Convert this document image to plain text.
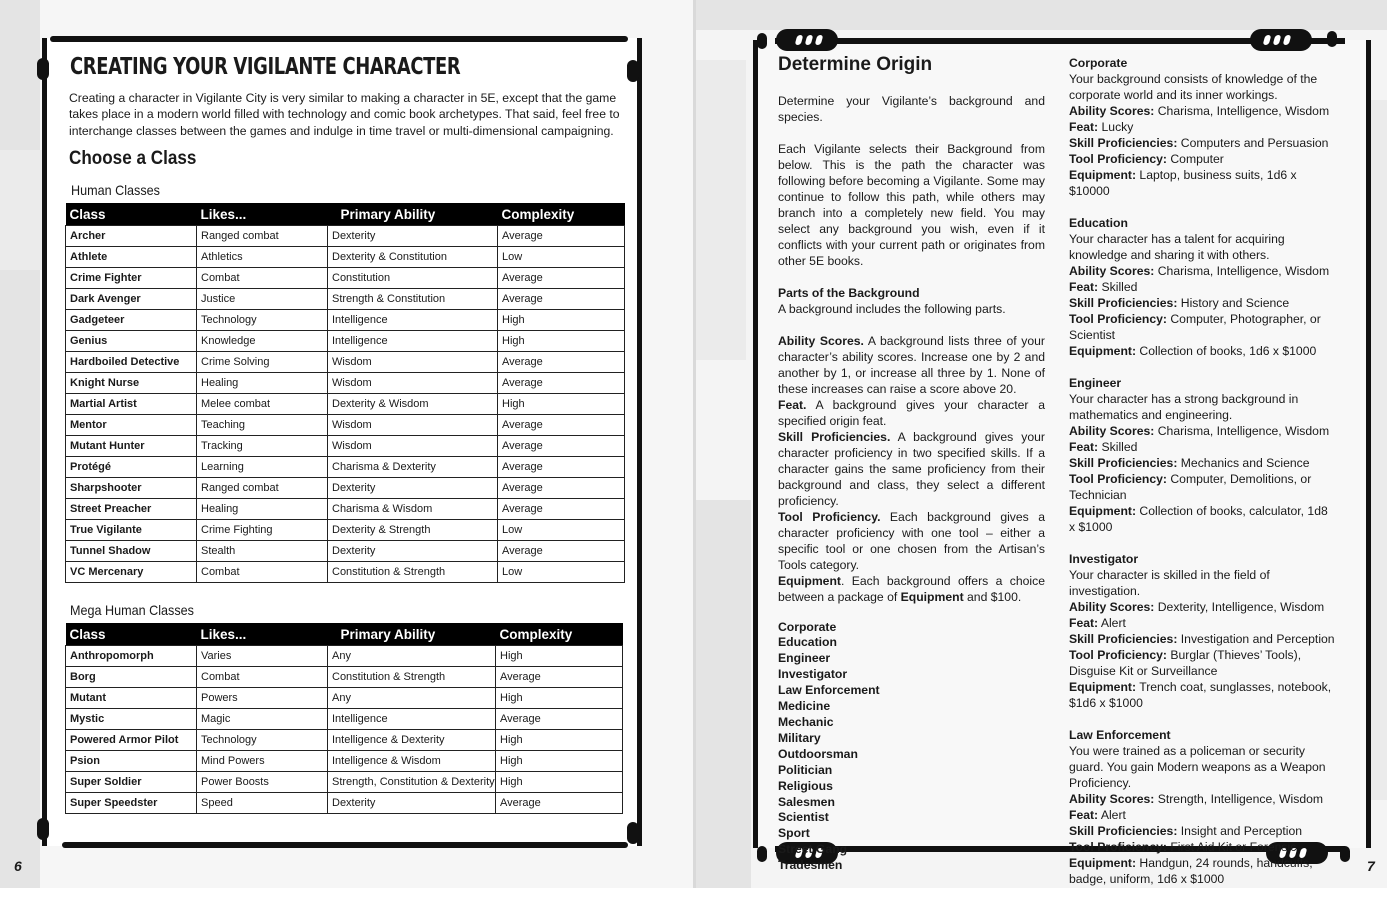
CREATING YOUR VIGILANTE CHARACTER
Creating a character in Vigilante City is very similar to making a character in 5E, except that the game takes place in a modern world filled with technology and comic book archetypes. That said, feel free to interchange classes between the games and indulge in time travel or multi-dimensional campaigning.
Choose a Class
Human Classes
Class	Likes...	Primary Ability	Complexity
Archer	Ranged combat	Dexterity	Average
Athlete	Athletics	Dexterity & Constitution	Low
Crime Fighter	Combat	Constitution	Average
Dark Avenger	Justice	Strength & Constitution	Average
Gadgeteer	Technology	Intelligence	High
Genius	Knowledge	Intelligence	High
Hardboiled Detective	Crime Solving	Wisdom	Average
Knight Nurse	Healing	Wisdom	Average
Martial Artist	Melee combat	Dexterity & Wisdom	High
Mentor	Teaching	Wisdom	Average
Mutant Hunter	Tracking	Wisdom	Average
Protégé	Learning	Charisma & Dexterity	Average
Sharpshooter	Ranged combat	Dexterity	Average
Street Preacher	Healing	Charisma & Wisdom	Average
True Vigilante	Crime Fighting	Dexterity & Strength	Low
Tunnel Shadow	Stealth	Dexterity	Average
VC Mercenary	Combat	Constitution & Strength	Low
Mega Human Classes
Class	Likes...	Primary Ability	Complexity
Anthropomorph	Varies	Any	High
Borg	Combat	Constitution & Strength	Average
Mutant	Powers	Any	High
Mystic	Magic	Intelligence	Average
Powered Armor Pilot	Technology	Intelligence & Dexterity	High
Psion	Mind Powers	Intelligence & Wisdom	High
Super Soldier	Power Boosts	Strength, Constitution & Dexterity	High
Super Speedster	Speed	Dexterity	Average
6
Determine Origin

Determine your Vigilante’s background and species.

Each Vigilante selects their Background from below. This is the path the character was following before becoming a Vigilante. Some may continue to follow this path, while others may branch into a completely new field. You may select any background you wish, even if it conflicts with your current path or originates from other 5E books.

Parts of the Background

A background includes the following parts.

Ability Scores. A background lists three of your character’s ability scores. Increase one by 2 and another by 1, or increase all three by 1. None of these increases can raise a score above 20.
Feat. A background gives your character a specified origin feat.
Skill Proficiencies. A background gives your character proficiency in two specified skills. If a character gains the same proficiency from their background and class, they select a different proficiency.
Tool Proficiency. Each background gives a character proficiency with one tool – either a specific tool or one chosen from the Artisan’s Tools category.

Equipment. Each background offers a choice between a package of Equipment and $100.

Corporate
Education
Engineer
Investigator
Law Enforcement
Medicine
Mechanic
Military
Outdoorsman
Politician
Religious
Salesmen
Scientist
Sport
Street Gang
Tradesmen
Corporate
Your background consists of knowledge of the corporate world and its inner workings.
Ability Scores: Charisma, Intelligence, Wisdom
Feat: Lucky
Skill Proficiencies: Computers and Persuasion
Tool Proficiency: Computer
Equipment: Laptop, business suits, 1d6 x $10000
Education
Your character has a talent for acquiring knowledge and sharing it with others.
Ability Scores: Charisma, Intelligence, Wisdom
Feat: Skilled
Skill Proficiencies: History and Science
Tool Proficiency: Computer, Photographer, or Scientist
Equipment: Collection of books, 1d6 x $1000
Engineer
Your character has a strong background in mathematics and engineering.
Ability Scores: Charisma, Intelligence, Wisdom
Feat: Skilled
Skill Proficiencies: Mechanics and Science
Tool Proficiency: Computer, Demolitions, or Technician
Equipment: Collection of books, calculator, 1d8 x $1000
Investigator
Your character is skilled in the field of investigation.
Ability Scores: Dexterity, Intelligence, Wisdom
Feat: Alert
Skill Proficiencies: Investigation and Perception
Tool Proficiency: Burglar (Thieves’ Tools), Disguise Kit or Surveillance
Equipment: Trench coat, sunglasses, notebook, $1d6 x $1000
Law Enforcement
You were trained as a policeman or security guard. You gain Modern weapons as a Weapon Proficiency.
Ability Scores: Strength, Intelligence, Wisdom
Feat: Alert
Skill Proficiencies: Insight and Perception
Tool Proficiency: First Aid Kit or Forensic
Equipment: Handgun, 24 rounds, handcuffs, badge, uniform, 1d6 x $1000
7
